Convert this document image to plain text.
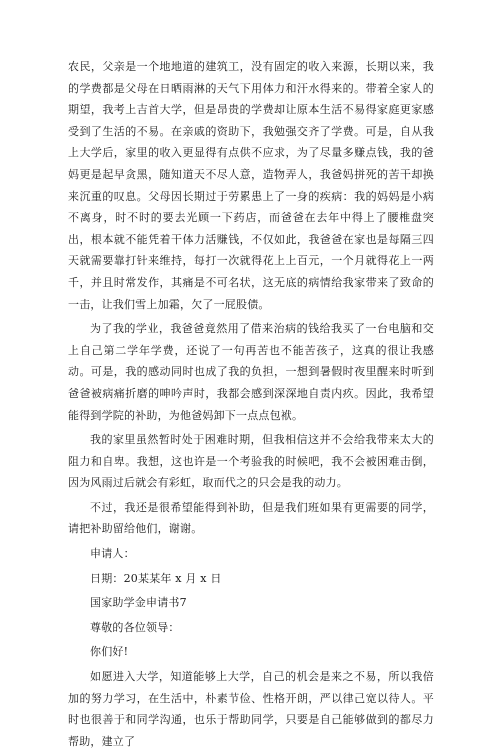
农民，父亲是一个地地道的建筑工，没有固定的收入来源，长期以来，我的学费都是父母在日晒雨淋的天气下用体力和汗水得来的。带着全家人的期望，我考上吉首大学，但是昂贵的学费却让原本生活不易得家庭更家感受到了生活的不易。在亲戚的资助下，我勉强交齐了学费。可是，自从我上大学后，家里的收入更显得有点供不应求，为了尽量多赚点钱，我的爸妈更是起早贪黑，随知道天不尽人意，造物弄人，我爸妈拼死的苦干却换来沉重的叹息。父母因长期过于劳累患上了一身的疾病：我的妈妈是小病不离身，时不时的要去光顾一下药店，而爸爸在去年中得上了腰椎盘突出，根本就不能凭着干体力活赚钱，不仅如此，我爸爸在家也是每隔三四天就需要靠打针来维持，每打一次就得花上上百元，一个月就得花上一两千，并且时常发作，其痛是不可名状，这无底的病情给我家带来了致命的一击，让我们雪上加霜，欠了一屁股债。

为了我的学业，我爸爸竟然用了借来治病的钱给我买了一台电脑和交上自己第二学年学费，还说了一句再苦也不能苦孩子，这真的很让我感动。可是，我的感动同时也成了我的负担，一想到暑假时夜里醒来时听到爸爸被病痛折磨的呻吟声时，我都会感到深深地自责内疚。因此，我希望能得到学院的补助，为他爸妈卸下一点点包袱。

我的家里虽然暂时处于困难时期，但我相信这并不会给我带来太大的阻力和自卑。我想，这也许是一个考验我的时候吧，我不会被困难击倒，因为风雨过后就会有彩虹，取而代之的只会是我的动力。

不过，我还是很希望能得到补助，但是我们班如果有更需要的同学，请把补助留给他们，谢谢。

申请人：

日期：20某某年 x 月 x 日

国家助学金申请书7

尊敬的各位领导：

你们好!

如愿进入大学，知道能够上大学，自己的机会是来之不易，所以我倍加的努力学习，在生活中，朴素节俭、性格开朗，严以律己宽以待人。平时也很善于和同学沟通，也乐于帮助同学，只要是自己能够做到的都尽力帮助，建立了
